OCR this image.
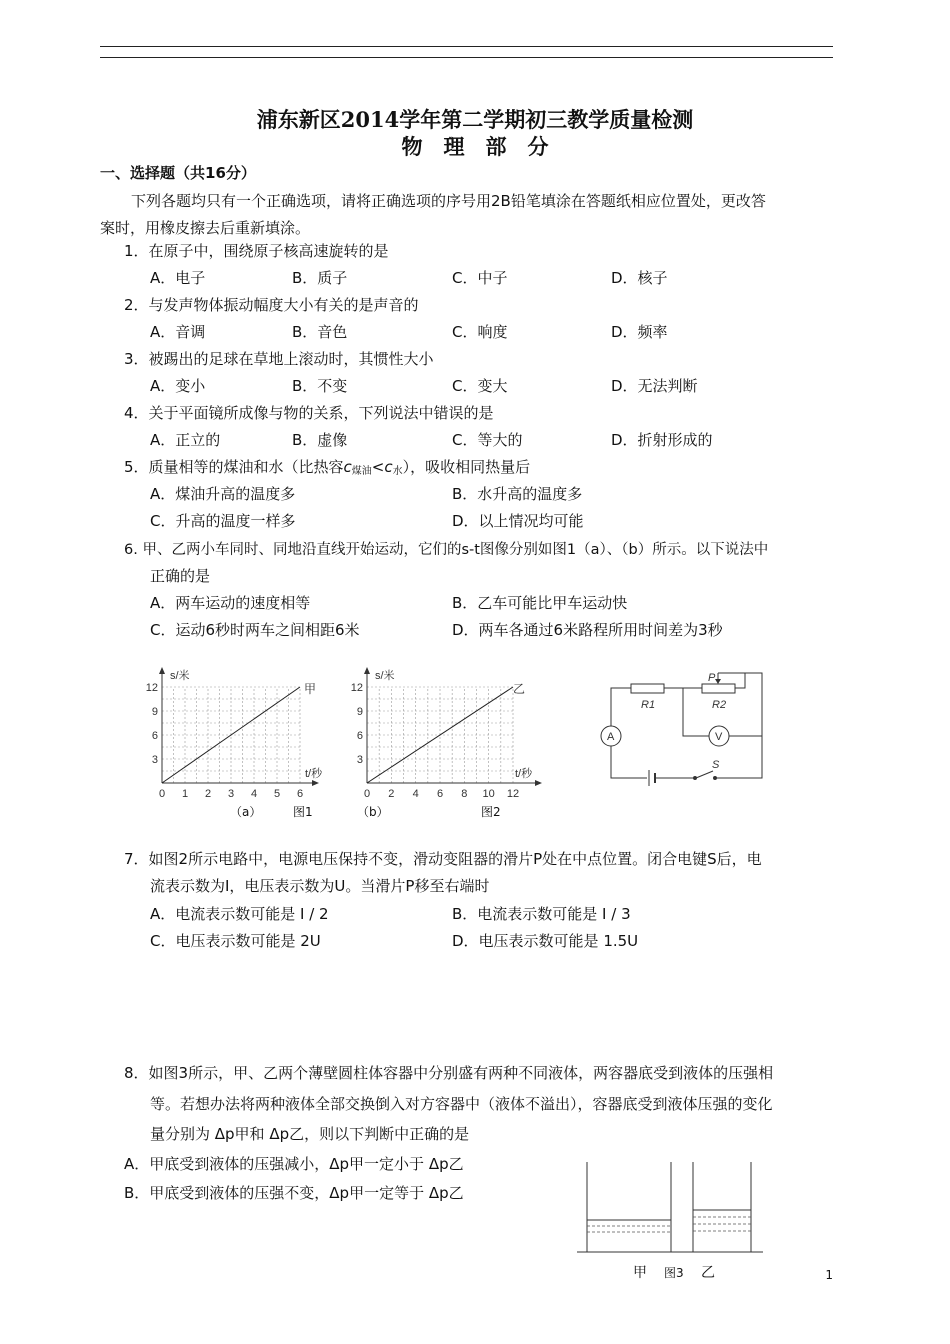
浦东新区2014学年第二学期初三教学质量检测
物　理　部　分
一、选择题（共16分）
下列各题均只有一个正确选项，请将正确选项的序号用2B铅笔填涂在答题纸相应位置处，更改答
案时，用橡皮擦去后重新填涂。
1．在原子中，围绕原子核高速旋转的是
A．电子	B．质子	C．中子	D．核子
2．与发声物体振动幅度大小有关的是声音的
A．音调	B．音色	C．响度	D．频率
3．被踢出的足球在草地上滚动时，其惯性大小
A．变小	B．不变	C．变大	D．无法判断
4．关于平面镜所成像与物的关系，下列说法中错误的是
A．正立的	B．虚像	C．等大的	D．折射形成的
5．质量相等的煤油和水（比热容$c_{煤油}<c_水$），吸收相同热量后
A．煤油升高的温度多	B．水升高的温度多
C．升高的温度一样多	D．以上情况均可能
6. 甲、乙两小车同时、同地沿直线开始运动，它们的s-t图像分别如图1（a）、（b）所示。以下说法中
正确的是
A．两车运动的速度相等	B．乙车可能比甲车运动快
C．运动6秒时两车之间相距6米	D．两车各通过6米路程所用时间差为3秒
3
6
9
12
0 1 2 3 4 5 6
s/米
t/秒
甲
3
6
9
12
0 2 4 6 8 10 12
s/米
t/秒
乙
（a）	图1	（b）	图2
A	V
R1	R2
P
S
7．如图2所示电路中，电源电压保持不变，滑动变阻器的滑片P处在中点位置。闭合电键S后，电
流表示数为I，电压表示数为U。当滑片P移至右端时
A．电流表示数可能是 I / 2	B．电流表示数可能是 I / 3
C．电压表示数可能是 2U	D．电压表示数可能是 1.5U
8．如图3所示，甲、乙两个薄壁圆柱体容器中分别盛有两种不同液体，两容器底受到液体的压强相
等。若想办法将两种液体全部交换倒入对方容器中（液体不溢出），容器底受到液体压强的变化
量分别为 Δp甲和 Δp乙，则以下判断中正确的是
A．甲底受到液体的压强减小，Δp甲一定小于 Δp乙
B．甲底受到液体的压强不变，Δp甲一定等于 Δp乙
甲 图3 乙	1
